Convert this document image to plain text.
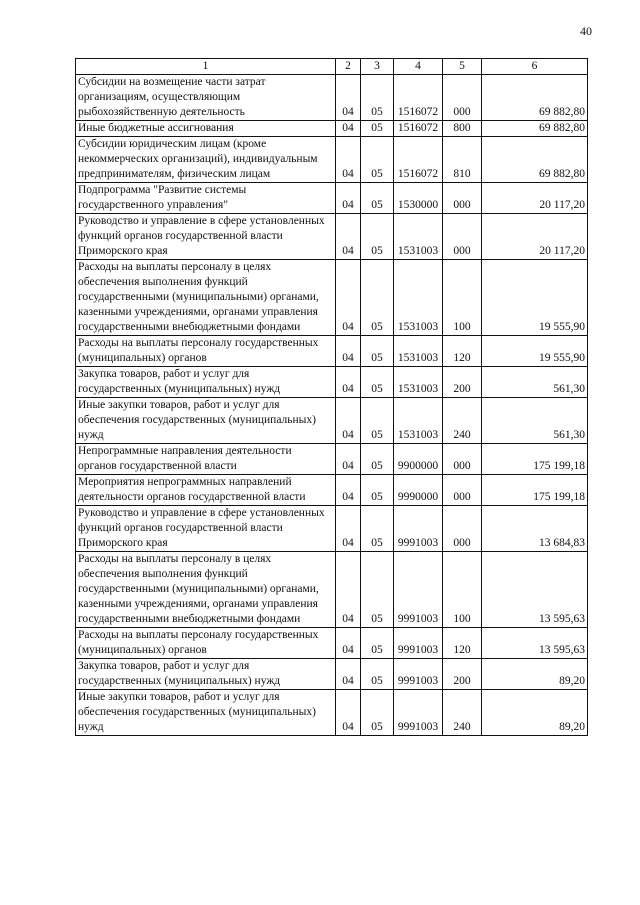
40
1	2	3	4	5	6
Субсидии на возмещение части затрат организациям, осуществляющим рыбохозяйственную деятельность	04	05	1516072	000	69 882,80
Иные бюджетные ассигнования	04	05	1516072	800	69 882,80
Субсидии юридическим лицам (кроме некоммерческих организаций), индивидуальным предпринимателям, физическим лицам	04	05	1516072	810	69 882,80
Подпрограмма "Развитие системы государственного управления"	04	05	1530000	000	20 117,20
Руководство и управление в сфере установленных функций органов государственной власти Приморского края	04	05	1531003	000	20 117,20
Расходы на выплаты персоналу в целях обеспечения выполнения функций государственными (муниципальными) органами, казенными учреждениями, органами управления государственными внебюджетными фондами	04	05	1531003	100	19 555,90
Расходы на выплаты персоналу государственных (муниципальных) органов	04	05	1531003	120	19 555,90
Закупка товаров, работ и услуг для государственных (муниципальных) нужд	04	05	1531003	200	561,30
Иные закупки товаров, работ и услуг для обеспечения государственных (муниципальных) нужд	04	05	1531003	240	561,30
Непрограммные направления деятельности органов государственной власти	04	05	9900000	000	175 199,18
Мероприятия непрограммных направлений деятельности органов государственной власти	04	05	9990000	000	175 199,18
Руководство и управление в сфере установленных функций органов государственной власти Приморского края	04	05	9991003	000	13 684,83
Расходы на выплаты персоналу в целях обеспечения выполнения функций государственными (муниципальными) органами, казенными учреждениями, органами управления государственными внебюджетными фондами	04	05	9991003	100	13 595,63
Расходы на выплаты персоналу государственных (муниципальных) органов	04	05	9991003	120	13 595,63
Закупка товаров, работ и услуг для государственных (муниципальных) нужд	04	05	9991003	200	89,20
Иные закупки товаров, работ и услуг для обеспечения государственных (муниципальных) нужд	04	05	9991003	240	89,20
